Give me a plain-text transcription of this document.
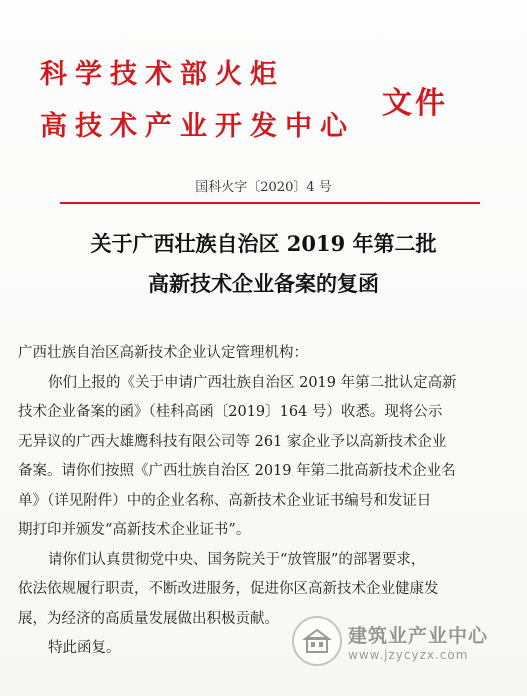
科学技术部火炬
高技术产业开发中心
文件
国科火字〔2020〕4 号
关于广西壮族自治区 2019 年第二批
高新技术企业备案的复函

广西壮族自治区高新技术企业认定管理机构：

你们上报的《关于申请广西壮族自治区 2019 年第二批认定高新

技术企业备案的函》（桂科高函〔2019〕164 号）收悉。现将公示

无异议的广西大雄鹰科技有限公司等 261 家企业予以高新技术企业

备案。请你们按照《广西壮族自治区 2019 年第二批高新技术企业名

单》（详见附件）中的企业名称、高新技术企业证书编号和发证日

期打印并颁发“高新技术企业证书”。

请你们认真贯彻党中央、国务院关于“放管服”的部署要求，

依法依规履行职责，不断改进服务，促进你区高新技术企业健康发

展，为经济的高质量发展做出积极贡献。

特此函复。

建筑业产业中心
www.jzycyzx.com
